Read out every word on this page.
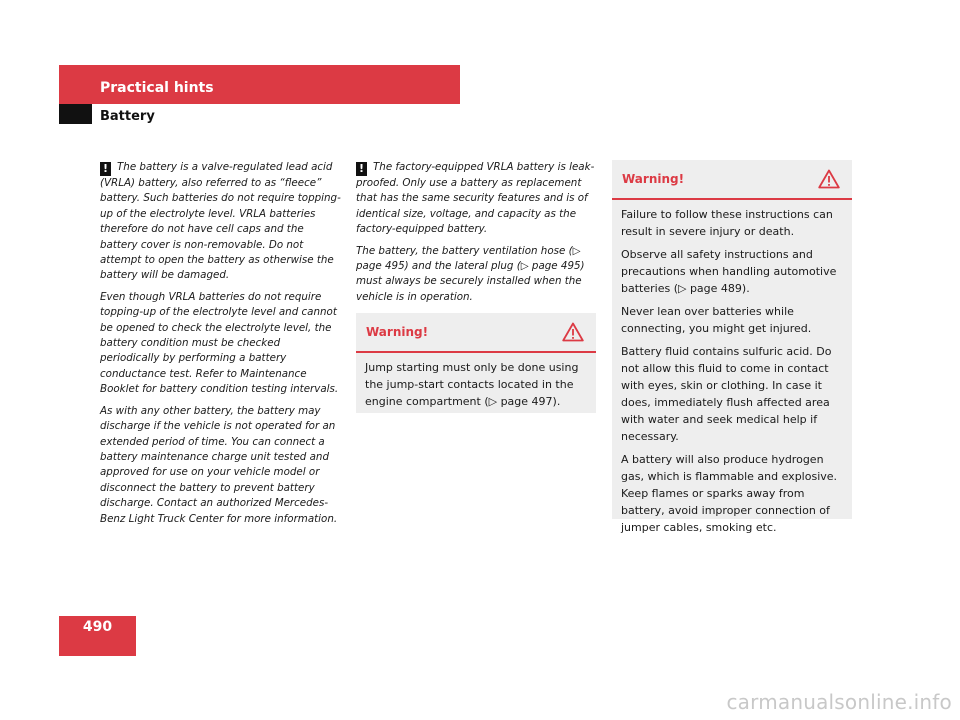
Practical hints
Battery

! The battery is a valve-regulated lead acid (VRLA) battery, also referred to as “fleece” battery. Such batteries do not require topping-up of the electrolyte level. VRLA batteries therefore do not have cell caps and the battery cover is non-removable. Do not attempt to open the battery as otherwise the battery will be damaged.

Even though VRLA batteries do not require topping-up of the electrolyte level and cannot be opened to check the electrolyte level, the battery condition must be checked periodically by performing a battery conductance test. Refer to Maintenance Booklet for battery condition testing intervals.

As with any other battery, the battery may discharge if the vehicle is not operated for an extended period of time. You can connect a battery maintenance charge unit tested and approved for use on your vehicle model or disconnect the battery to prevent battery discharge. Contact an authorized Mercedes-Benz Light Truck Center for more information.

! The factory-equipped VRLA battery is leak-proofed. Only use a battery as replacement that has the same security features and is of identical size, voltage, and capacity as the factory-equipped battery.

The battery, the battery ventilation hose (▷ page 495) and the lateral plug (▷ page 495) must always be securely installed when the vehicle is in operation.

Warning!

Jump starting must only be done using the jump-start contacts located in the engine compartment (▷ page 497).

Warning!

Failure to follow these instructions can result in severe injury or death.

Observe all safety instructions and precautions when handling automotive batteries (▷ page 489).

Never lean over batteries while connecting, you might get injured.

Battery fluid contains sulfuric acid. Do not allow this fluid to come in contact with eyes, skin or clothing. In case it does, immediately flush affected area with water and seek medical help if necessary.

A battery will also produce hydrogen gas, which is flammable and explosive. Keep flames or sparks away from battery, avoid improper connection of jumper cables, smoking etc.

490
carmanualsonline.info
